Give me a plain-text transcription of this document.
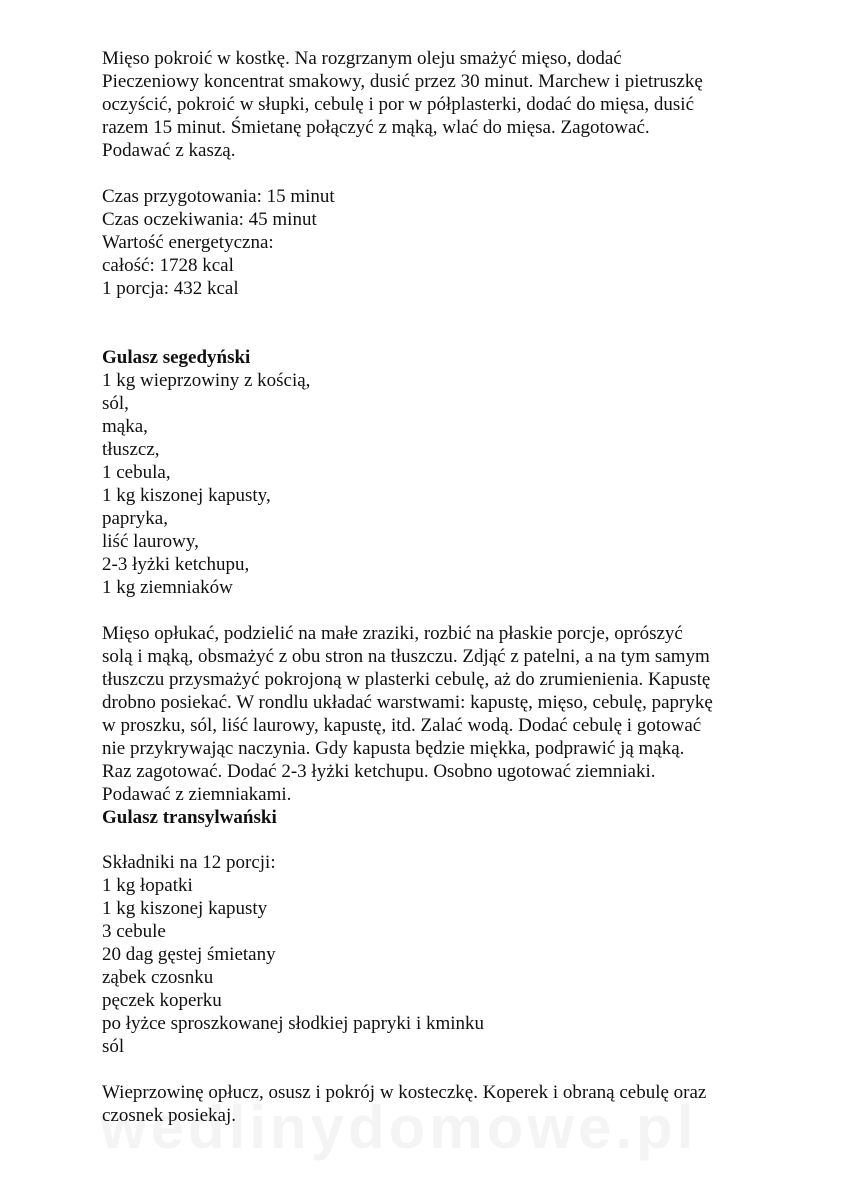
Mięso pokroić w kostkę. Na rozgrzanym oleju smażyć mięso, dodać
Pieczeniowy koncentrat smakowy, dusić przez 30 minut. Marchew i pietruszkę
oczyścić, pokroić w słupki, cebulę i por w półplasterki, dodać do mięsa, dusić
razem 15 minut. Śmietanę połączyć z mąką, wlać do mięsa. Zagotować.
Podawać z kaszą.
Czas przygotowania: 15 minut
Czas oczekiwania: 45 minut
Wartość energetyczna:
całość: 1728 kcal
1 porcja: 432 kcal
Gulasz segedyński
1 kg wieprzowiny z kością,
sól,
mąka,
tłuszcz,
1 cebula,
1 kg kiszonej kapusty,
papryka,
liść laurowy,
2-3 łyżki ketchupu,
1 kg ziemniaków
Mięso opłukać, podzielić na małe zraziki, rozbić na płaskie porcje, oprószyć
solą i mąką, obsmażyć z obu stron na tłuszczu. Zdjąć z patelni, a na tym samym
tłuszczu przysmażyć pokrojoną w plasterki cebulę, aż do zrumienienia. Kapustę
drobno posiekać. W rondlu układać warstwami: kapustę, mięso, cebulę, paprykę
w proszku, sól, liść laurowy, kapustę, itd. Zalać wodą. Dodać cebulę i gotować
nie przykrywając naczynia. Gdy kapusta będzie miękka, podprawić ją mąką.
Raz zagotować. Dodać 2-3 łyżki ketchupu. Osobno ugotować ziemniaki.
Podawać z ziemniakami.
Gulasz transylwański
Składniki na 12 porcji:
1 kg łopatki
1 kg kiszonej kapusty
3 cebule
20 dag gęstej śmietany
ząbek czosnku
pęczek koperku
po łyżce sproszkowanej słodkiej papryki i kminku
sól
Wieprzowinę opłucz, osusz i pokrój w kosteczkę. Koperek i obraną cebulę oraz
czosnek posiekaj.
